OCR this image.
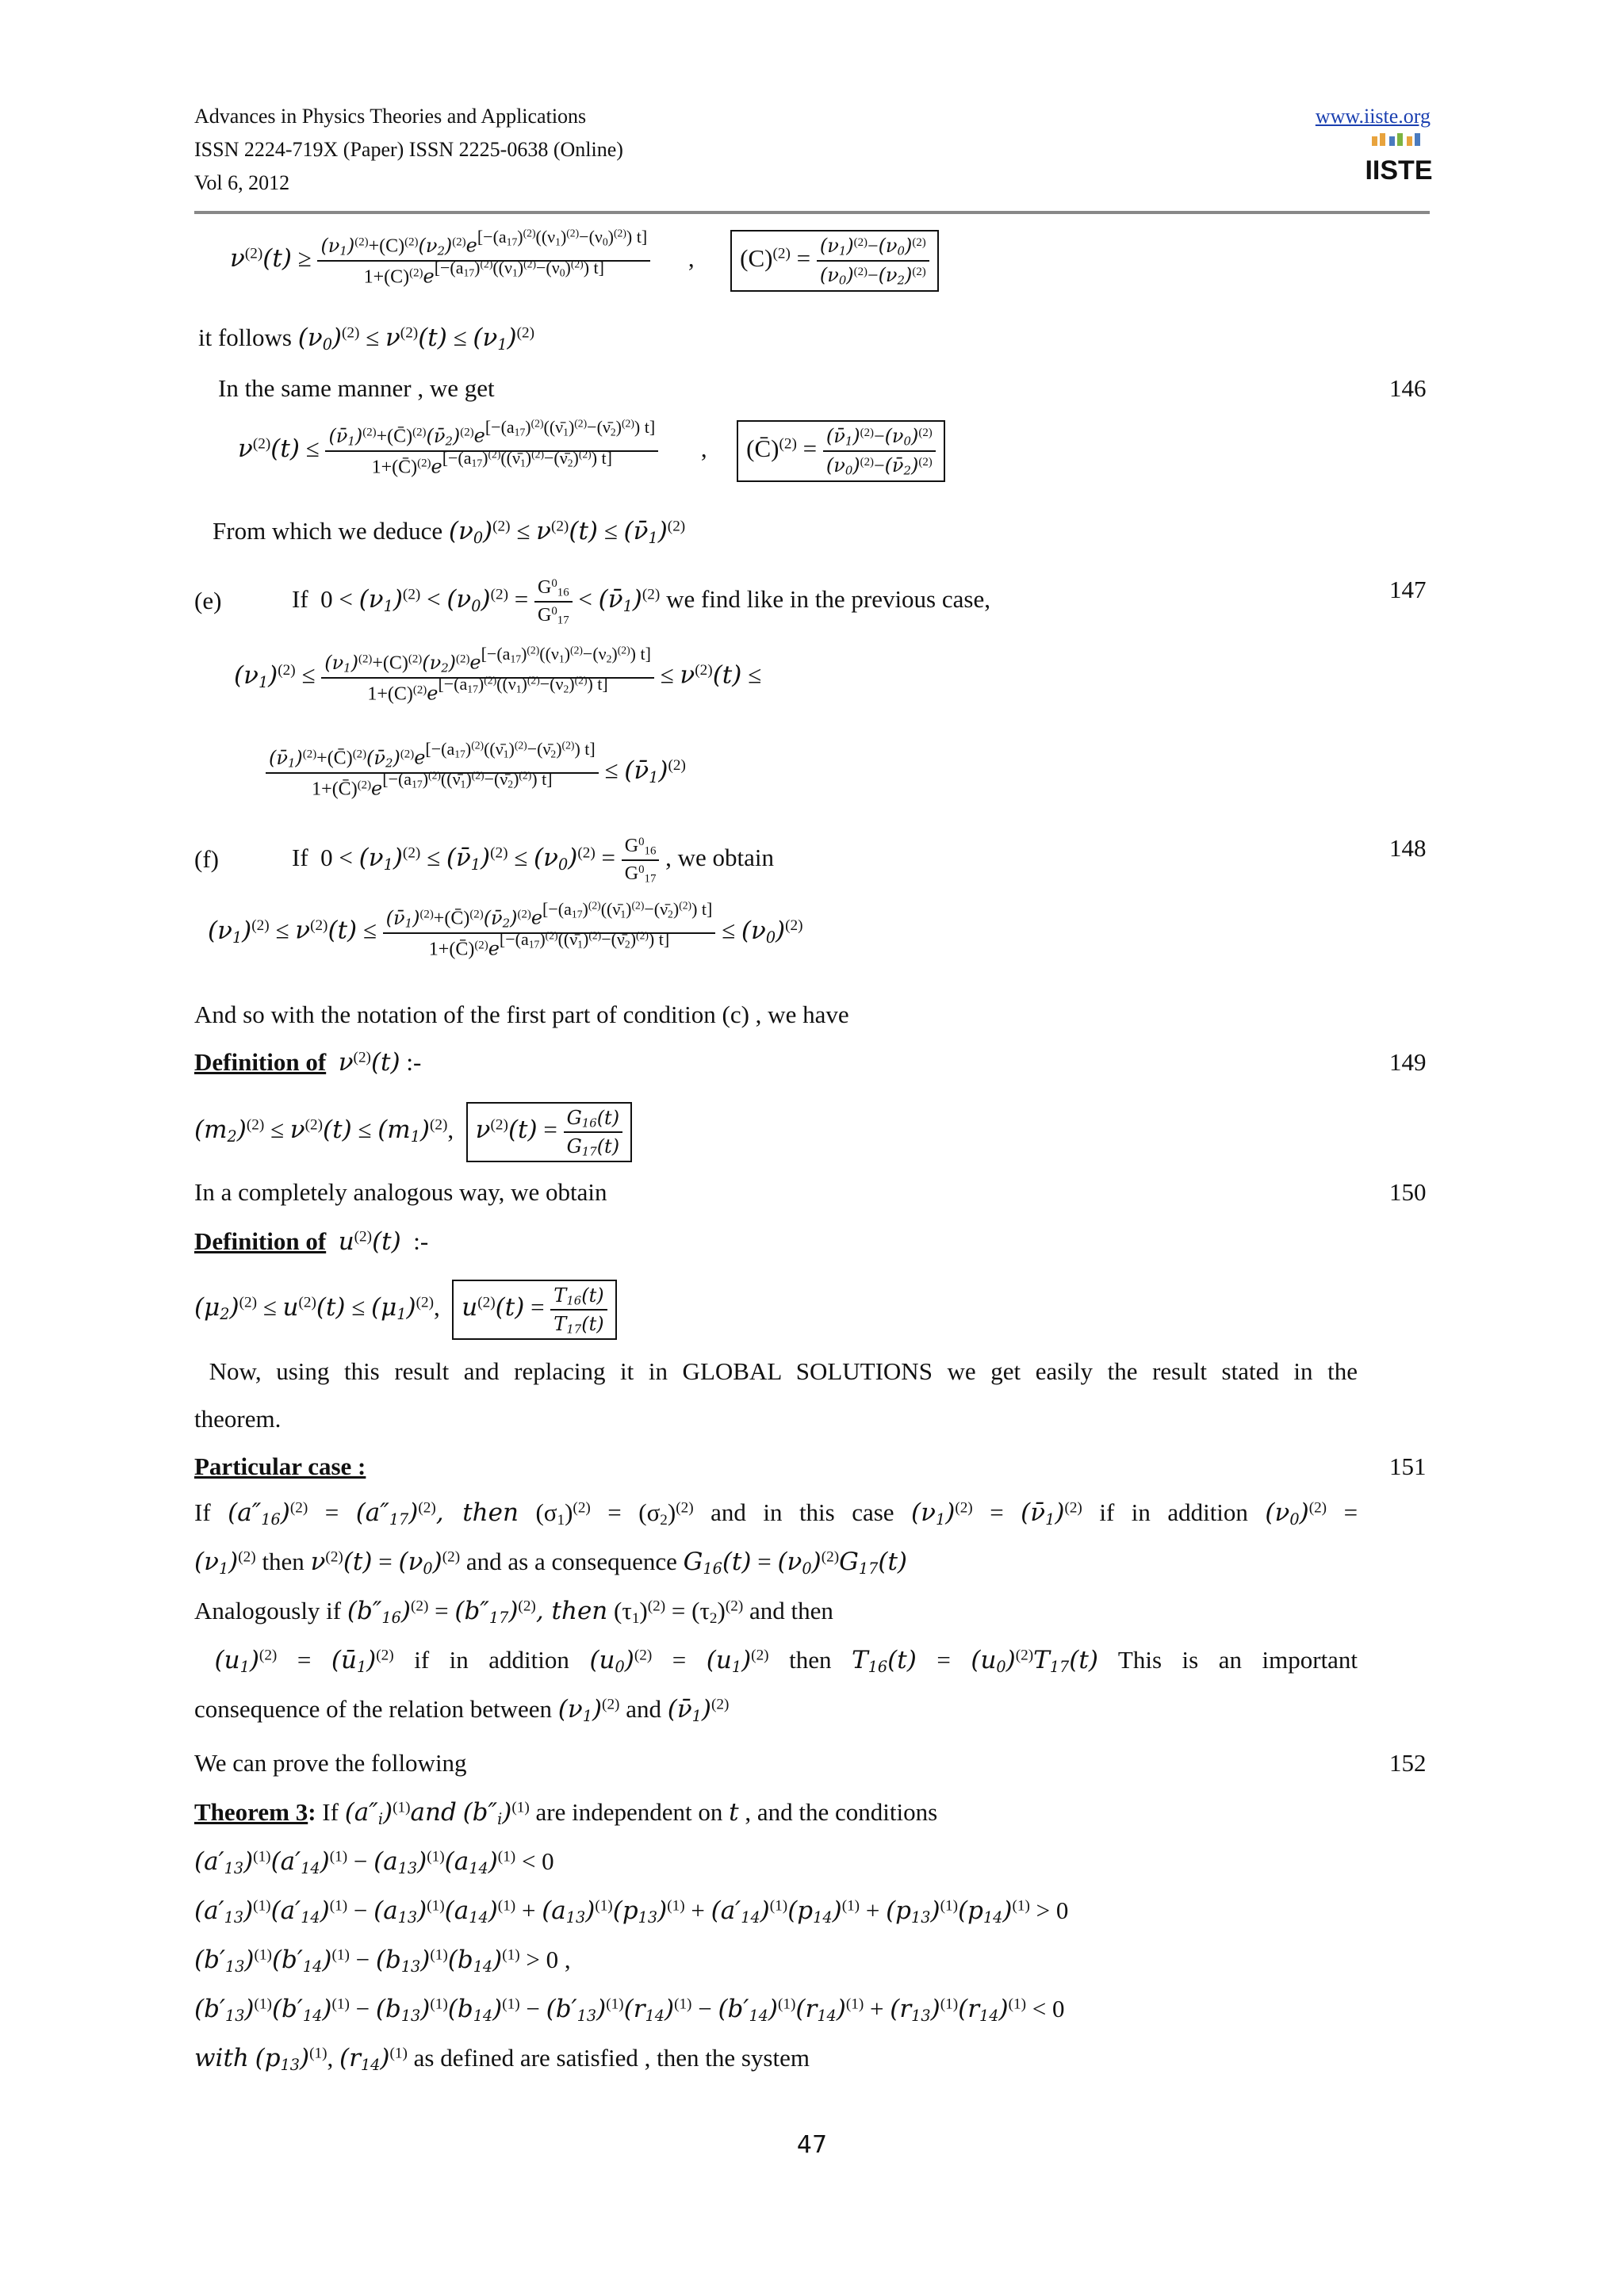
Advances in Physics Theories and Applications
ISSN 2224-719X (Paper) ISSN 2225-0638 (Online)
Vol 6, 2012
www.iiste.org
IISTE
$\nu^{(2)}(t) \ge \frac{(\nu_1)^{(2)}+(C)^{(2)}(\nu_2)^{(2)}e^{[-(a_{17})^{(2)}((\nu_1)^{(2)}-(\nu_0)^{(2)}) t]}}{1+(C)^{(2)}e^{[-(a_{17})^{(2)}((\nu_1)^{(2)}-(\nu_0)^{(2)}) t]}}$ ,  $(C)^{(2)} = \frac{(\nu_1)^{(2)}-(\nu_0)^{(2)}}{(\nu_0)^{(2)}-(\nu_2)^{(2)}}$
it follows $(\nu_0)^{(2)} \le \nu^{(2)}(t) \le (\nu_1)^{(2)}$
In the same manner , we get	146
$\nu^{(2)}(t) \le \frac{(\nū_1)^{(2)}+(C̄)^{(2)}(\nū_2)^{(2)}e^{[-(a_{17})^{(2)}((\nū_1)^{(2)}-(\nū_2)^{(2)}) t]}}{1+(C̄)^{(2)}e^{[-(a_{17})^{(2)}((\nū_1)^{(2)}-(\nū_2)^{(2)}) t]}}$ ,  (C̄)$^{(2)}$ = $\frac{(\nū_1)^{(2)}-(\nu_0)^{(2)}}{(\nu_0)^{(2)}-(\nū_2)^{(2)}}$
From which we deduce $(\nu_0)^{(2)} \le \nu^{(2)}(t)$ ≤ $(\nū_1)^{(2)}$
(e)	If  $0 < (\nu_1)^{(2)} < (\nu_0)^{(2)} = \frac{G^0_{16}}{G^0_{17}}$ < $(\nū_1)^{(2)}$ we find like in the previous case,	147
$(\nu_1)^{(2)} \le \frac{(\nu_1)^{(2)}+(C)^{(2)}(\nu_2)^{(2)}e^{[-(a_{17})^{(2)}((\nu_1)^{(2)}-(\nu_2)^{(2)}) t]}}{1+(C)^{(2)}e^{[-(a_{17})^{(2)}((\nu_1)^{(2)}-(\nu_2)^{(2)}) t]}} \le \nu^{(2)}(t)$ ≤
$\frac{(\nū_1)^{(2)}+(C̄)^{(2)}(\nū_2)^{(2)}e^{[-(a_{17})^{(2)}((\nū_1)^{(2)}-(\nū_2)^{(2)}) t]}}{1+(C̄)^{(2)}e^{[-(a_{17})^{(2)}((\nū_1)^{(2)}-(\nū_2)^{(2)}) t]}}$ ≤ $(\nū_1)^{(2)}$
(f)	If  $0 < (\nu_1)^{(2)}$ ≤ $(\nū_1)^{(2)} \le (\nu_0)^{(2)} = \frac{G^0_{16}}{G^0_{17}}$ , we obtain	148
$(\nu_1)^{(2)} \le \nu^{(2)}(t) \le \frac{(\nū_1)^{(2)}+(C̄)^{(2)}(\nū_2)^{(2)}e^{[-(a_{17})^{(2)}((\nū_1)^{(2)}-(\nū_2)^{(2)}) t]}}{1+(C̄)^{(2)}e^{[-(a_{17})^{(2)}((\nū_1)^{(2)}-(\nū_2)^{(2)}) t]}} \le (\nu_0)^{(2)}$
And so with the notation of the first part of condition (c) , we have
Definition of $\nu^{(2)}(t)$ :-	149
$(m_2)^{(2)} \le \nu^{(2)}(t) \le (m_1)^{(2)}$,  $\nu^{(2)}(t) = \frac{G_{16}(t)}{G_{17}(t)}$
In a completely analogous way, we obtain	150
Definition of $u^{(2)}(t)$ :-
$(\mu_2)^{(2)} \le u^{(2)}(t) \le (\mu_1)^{(2)}$,  $u^{(2)}(t) = \frac{T_{16}(t)}{T_{17}(t)}$
Now, using this result and replacing it in GLOBAL SOLUTIONS we get easily the result stated in the
theorem.
Particular case :	151
If $(a''_{16})^{(2)} = (a''_{17})^{(2)}$, then $(\sigma_1)^{(2)} = (\sigma_2)^{(2)}$ and in this case $(\nu_1)^{(2)}$ = $(\nū_1)^{(2)}$ if in addition $(\nu_0)^{(2)}$ =
$(\nu_1)^{(2)}$ then $\nu^{(2)}(t) = (\nu_0)^{(2)}$ and as a consequence $G_{16}(t) = (\nu_0)^{(2)}G_{17}(t)$
Analogously if $(b''_{16})^{(2)} = (b''_{17})^{(2)}$, then $(\tau_1)^{(2)} = (\tau_2)^{(2)}$ and then
$(u_1)^{(2)}$ = $(ū_1)^{(2)}$ if in addition $(u_0)^{(2)} = (u_1)^{(2)}$ then $T_{16}(t) = (u_0)^{(2)}T_{17}(t)$ This is an important
consequence of the relation between $(\nu_1)^{(2)}$ and $(\nū_1)^{(2)}$
We can prove the following	152
Theorem 3: If $(a''_i)^{(1)}and$ $(b''_i)^{(1)}$ are independent on t , and the conditions
$(a'_{13})^{(1)}(a'_{14})^{(1)} - (a_{13})^{(1)}(a_{14})^{(1)} < 0$
$(a'_{13})^{(1)}(a'_{14})^{(1)} - (a_{13})^{(1)}(a_{14})^{(1)} + (a_{13})^{(1)}(p_{13})^{(1)} + (a'_{14})^{(1)}(p_{14})^{(1)} + (p_{13})^{(1)}(p_{14})^{(1)} > 0$
$(b'_{13})^{(1)}(b'_{14})^{(1)} - (b_{13})^{(1)}(b_{14})^{(1)} > 0$ ,
$(b'_{13})^{(1)}(b'_{14})^{(1)} - (b_{13})^{(1)}(b_{14})^{(1)} - (b'_{13})^{(1)}(r_{14})^{(1)} - (b'_{14})^{(1)}(r_{14})^{(1)} + (r_{13})^{(1)}(r_{14})^{(1)} < 0$
with $(p_{13})^{(1)}$, $(r_{14})^{(1)}$ as defined are satisfied , then the system
47
